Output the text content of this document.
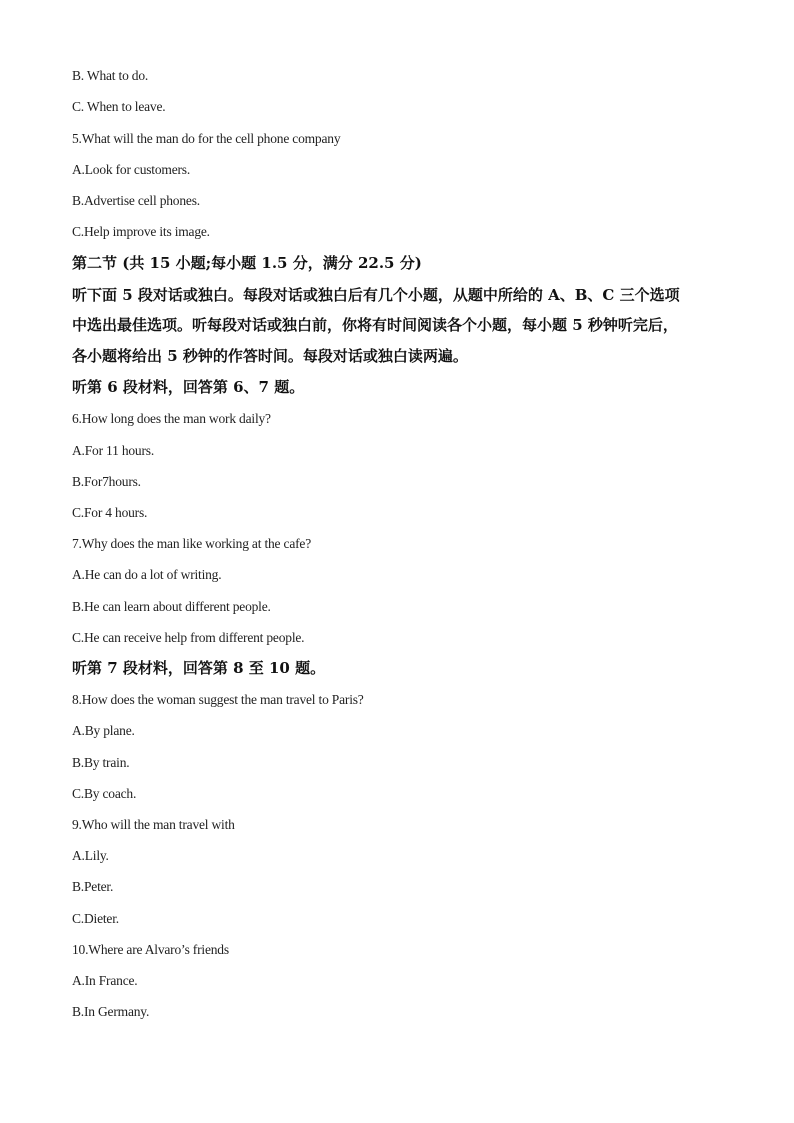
B. What to do.
C. When to leave.
5.What will the man do for the cell phone company
A.Look for customers.
B.Advertise cell phones.
C.Help improve its image.
第二节 (共 15 小题;每小题 1.5 分，满分 22.5 分)
听下面 5 段对话或独白。每段对话或独白后有几个小题，从题中所给的 A、B、C 三个选项
中选出最佳选项。听每段对话或独白前，你将有时间阅读各个小题，每小题 5 秒钟听完后，
各小题将给出 5 秒钟的作答时间。每段对话或独白读两遍。
听第 6 段材料，回答第 6、7 题。
6.How long does the man work daily?
A.For 11 hours.
B.For7hours.
C.For 4 hours.
7.Why does the man like working at the cafe?
A.He can do a lot of writing.
B.He can learn about different people.
C.He can receive help from different people.
听第 7 段材料，回答第 8 至 10 题。
8.How does the woman suggest the man travel to Paris?
A.By plane.
B.By train.
C.By coach.
9.Who will the man travel with
A.Lily.
B.Peter.
C.Dieter.
10.Where are Alvaro’s friends
A.In France.
B.In Germany.
